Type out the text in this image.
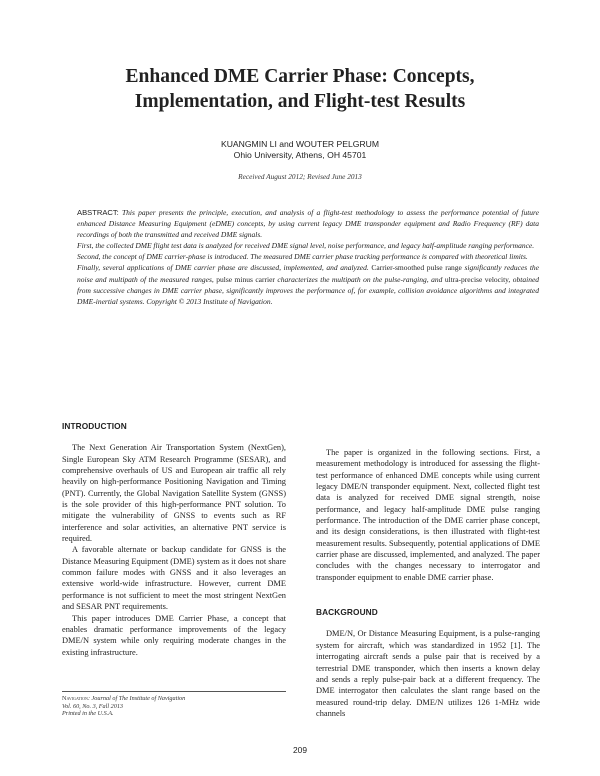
Enhanced DME Carrier Phase: Concepts,
Implementation, and Flight-test Results
KUANGMIN LI and WOUTER PELGRUM
Ohio University, Athens, OH 45701
Received August 2012; Revised June 2013

ABSTRACT: This paper presents the principle, execution, and analysis of a flight-test methodology to assess the performance potential of future enhanced Distance Measuring Equipment (eDME) concepts, by using current legacy DME transponder equipment and Radio Frequency (RF) data recordings of both the transmitted and received DME signals.

First, the collected DME flight test data is analyzed for received DME signal level, noise performance, and legacy half-amplitude ranging performance.

Second, the concept of DME carrier-phase is introduced. The measured DME carrier phase tracking performance is compared with theoretical limits.

Finally, several applications of DME carrier phase are discussed, implemented, and analyzed. Carrier-smoothed pulse range significantly reduces the noise and multipath of the measured ranges, pulse minus carrier characterizes the multipath on the pulse-ranging, and ultra-precise velocity, obtained from successive changes in DME carrier phase, significantly improves the performance of, for example, collision avoidance algorithms and integrated DME-inertial systems. Copyright © 2013 Institute of Navigation.

INTRODUCTION

The Next Generation Air Transportation System (NextGen), Single European Sky ATM Research Programme (SESAR), and comprehensive overhauls of US and European air traffic all rely heavily on high-performance Positioning Navigation and Timing (PNT). Currently, the Global Navigation Satellite System (GNSS) is the sole provider of this high-performance PNT solution. To mitigate the vulnerability of GNSS to events such as RF interference and solar activities, an alternative PNT service is required.

A favorable alternate or backup candidate for GNSS is the Distance Measuring Equipment (DME) system as it does not share common failure modes with GNSS and it also leverages an extensive world-wide infrastructure. However, current DME performance is not sufficient to meet the most stringent NextGen and SESAR PNT requirements.

This paper introduces DME Carrier Phase, a concept that enables dramatic performance improvements of the legacy DME/N system while only requiring moderate changes in the existing infrastructure.

The paper is organized in the following sections. First, a measurement methodology is introduced for assessing the flight-test performance of enhanced DME concepts while using current legacy DME/N transponder equipment. Next, collected flight test data is analyzed for received DME signal strength, noise performance, and legacy half-amplitude DME pulse ranging performance. The introduction of the DME carrier phase concept, and its design considerations, is then illustrated with flight-test measurement results. Subsequently, potential applications of DME carrier phase are discussed, implemented, and analyzed. The paper concludes with the changes necessary to interrogator and transponder equipment to enable DME carrier phase.

BACKGROUND

DME/N, Or Distance Measuring Equipment, is a pulse-ranging system for aircraft, which was standardized in 1952 [1]. The interrogating aircraft sends a pulse pair that is received by a terrestrial DME transponder, which then inserts a known delay and sends a reply pulse-pair back at a different frequency. The DME interrogator then calculates the slant range based on the measured round-trip delay. DME/N utilizes 126 1-MHz wide channels

Navigation: Journal of The Institute of Navigation
Vol. 60, No. 3, Fall 2013
Printed in the U.S.A.
209
